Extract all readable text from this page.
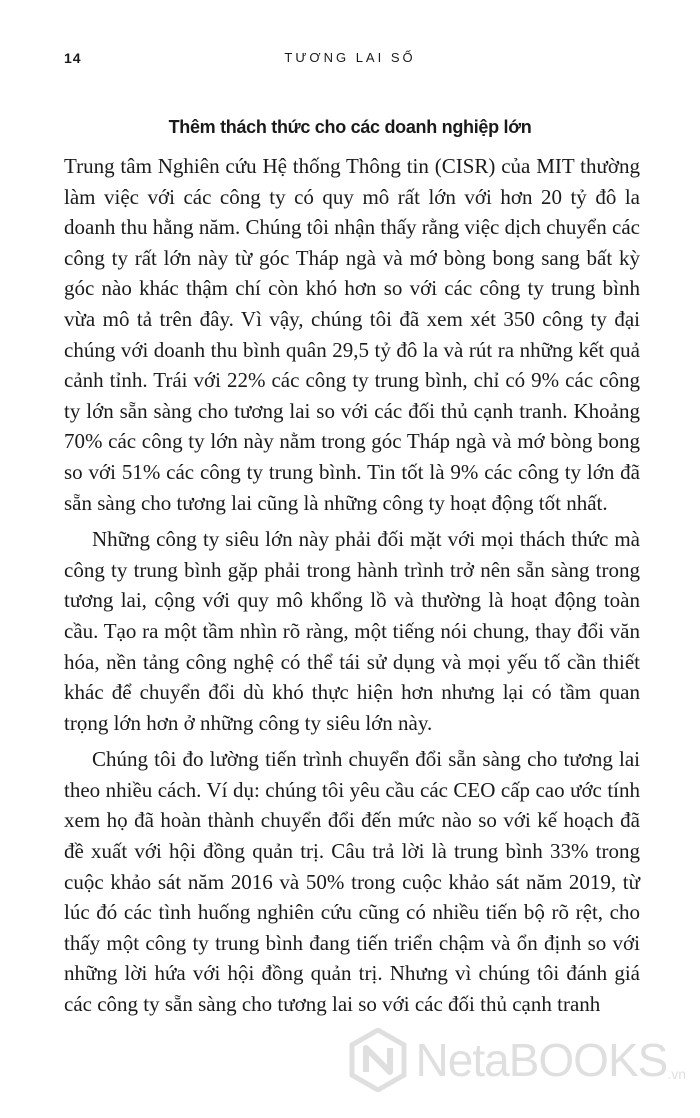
14	TƯƠNG LAI SỐ
Thêm thách thức cho các doanh nghiệp lớn

Trung tâm Nghiên cứu Hệ thống Thông tin (CISR) của MIT thường làm việc với các công ty có quy mô rất lớn với hơn 20 tỷ đô la doanh thu hằng năm. Chúng tôi nhận thấy rằng việc dịch chuyển các công ty rất lớn này từ góc Tháp ngà và mớ bòng bong sang bất kỳ góc nào khác thậm chí còn khó hơn so với các công ty trung bình vừa mô tả trên đây. Vì vậy, chúng tôi đã xem xét 350 công ty đại chúng với doanh thu bình quân 29,5 tỷ đô la và rút ra những kết quả cảnh tỉnh. Trái với 22% các công ty trung bình, chỉ có 9% các công ty lớn sẵn sàng cho tương lai so với các đối thủ cạnh tranh. Khoảng 70% các công ty lớn này nằm trong góc Tháp ngà và mớ bòng bong so với 51% các công ty trung bình. Tin tốt là 9% các công ty lớn đã sẵn sàng cho tương lai cũng là những công ty hoạt động tốt nhất.

Những công ty siêu lớn này phải đối mặt với mọi thách thức mà công ty trung bình gặp phải trong hành trình trở nên sẵn sàng trong tương lai, cộng với quy mô khổng lồ và thường là hoạt động toàn cầu. Tạo ra một tầm nhìn rõ ràng, một tiếng nói chung, thay đổi văn hóa, nền tảng công nghệ có thể tái sử dụng và mọi yếu tố cần thiết khác để chuyển đổi dù khó thực hiện hơn nhưng lại có tầm quan trọng lớn hơn ở những công ty siêu lớn này.

Chúng tôi đo lường tiến trình chuyển đổi sẵn sàng cho tương lai theo nhiều cách. Ví dụ: chúng tôi yêu cầu các CEO cấp cao ước tính xem họ đã hoàn thành chuyển đổi đến mức nào so với kế hoạch đã đề xuất với hội đồng quản trị. Câu trả lời là trung bình 33% trong cuộc khảo sát năm 2016 và 50% trong cuộc khảo sát năm 2019, từ lúc đó các tình huống nghiên cứu cũng có nhiều tiến bộ rõ rệt, cho thấy một công ty trung bình đang tiến triển chậm và ổn định so với những lời hứa với hội đồng quản trị. Nhưng vì chúng tôi đánh giá các công ty sẵn sàng cho tương lai so với các đối thủ cạnh tranh

NetaBOOKS .vn
